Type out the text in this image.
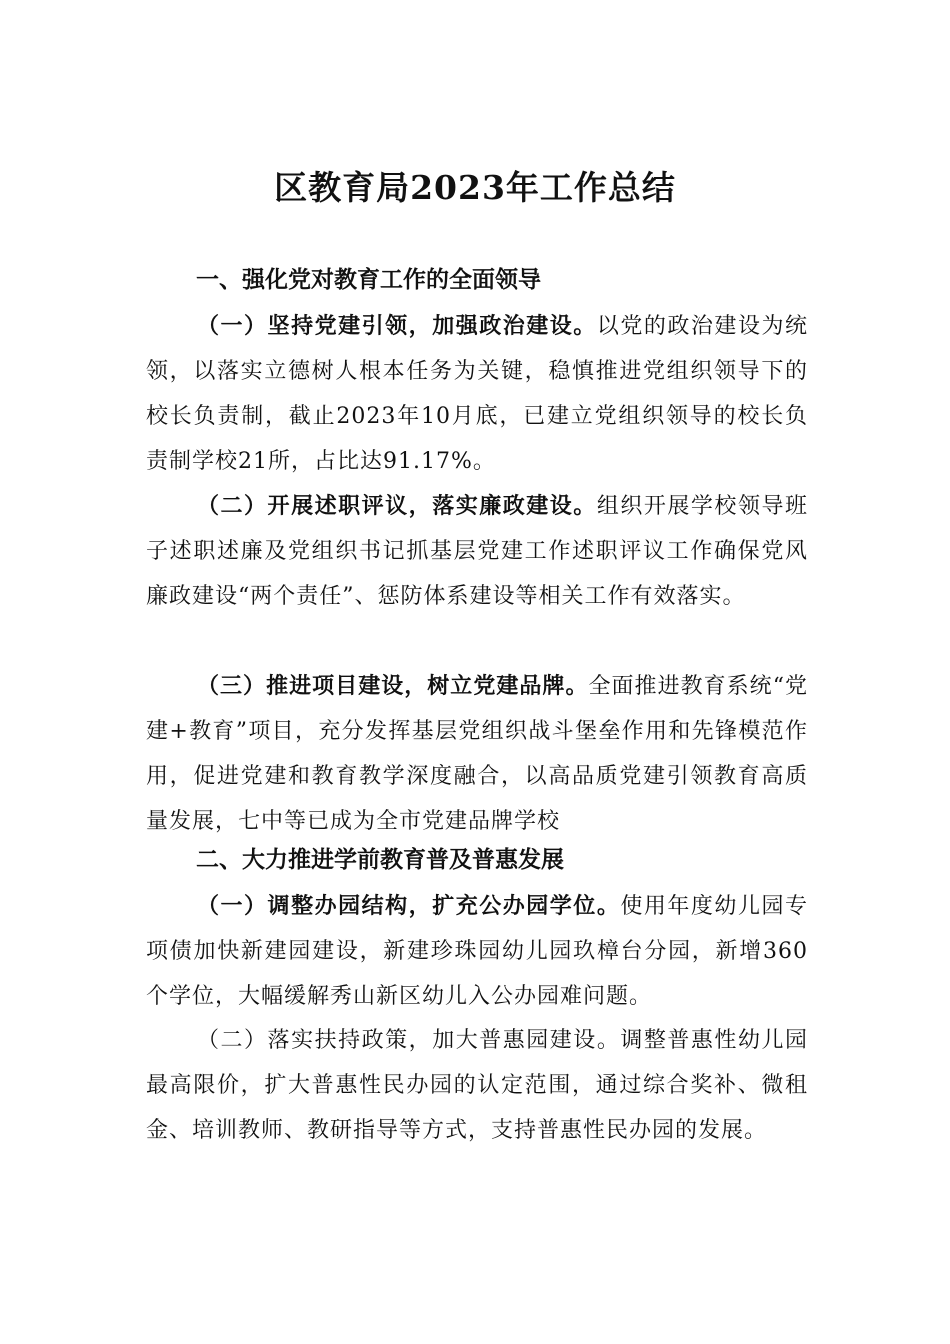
区教育局2023年工作总结
一、强化党对教育工作的全面领导
（一）坚持党建引领，加强政治建设。以党的政治建设为统领，以落实立德树人根本任务为关键，稳慎推进党组织领导下的校长负责制，截止2023年10月底，已建立党组织领导的校长负责制学校21所，占比达91.17%。
（二）开展述职评议，落实廉政建设。组织开展学校领导班子述职述廉及党组织书记抓基层党建工作述职评议工作确保党风廉政建设“两个责任”、惩防体系建设等相关工作有效落实。
（三）推进项目建设，树立党建品牌。全面推进教育系统“党建+教育”项目，充分发挥基层党组织战斗堡垒作用和先锋模范作用，促进党建和教育教学深度融合，以高品质党建引领教育高质量发展，七中等已成为全市党建品牌学校
二、大力推进学前教育普及普惠发展
（一）调整办园结构，扩充公办园学位。使用年度幼儿园专项债加快新建园建设，新建珍珠园幼儿园玖樟台分园，新增360个学位，大幅缓解秀山新区幼儿入公办园难问题。
（二）落实扶持政策，加大普惠园建设。调整普惠性幼儿园最高限价，扩大普惠性民办园的认定范围，通过综合奖补、微租金、培训教师、教研指导等方式，支持普惠性民办园的发展。
